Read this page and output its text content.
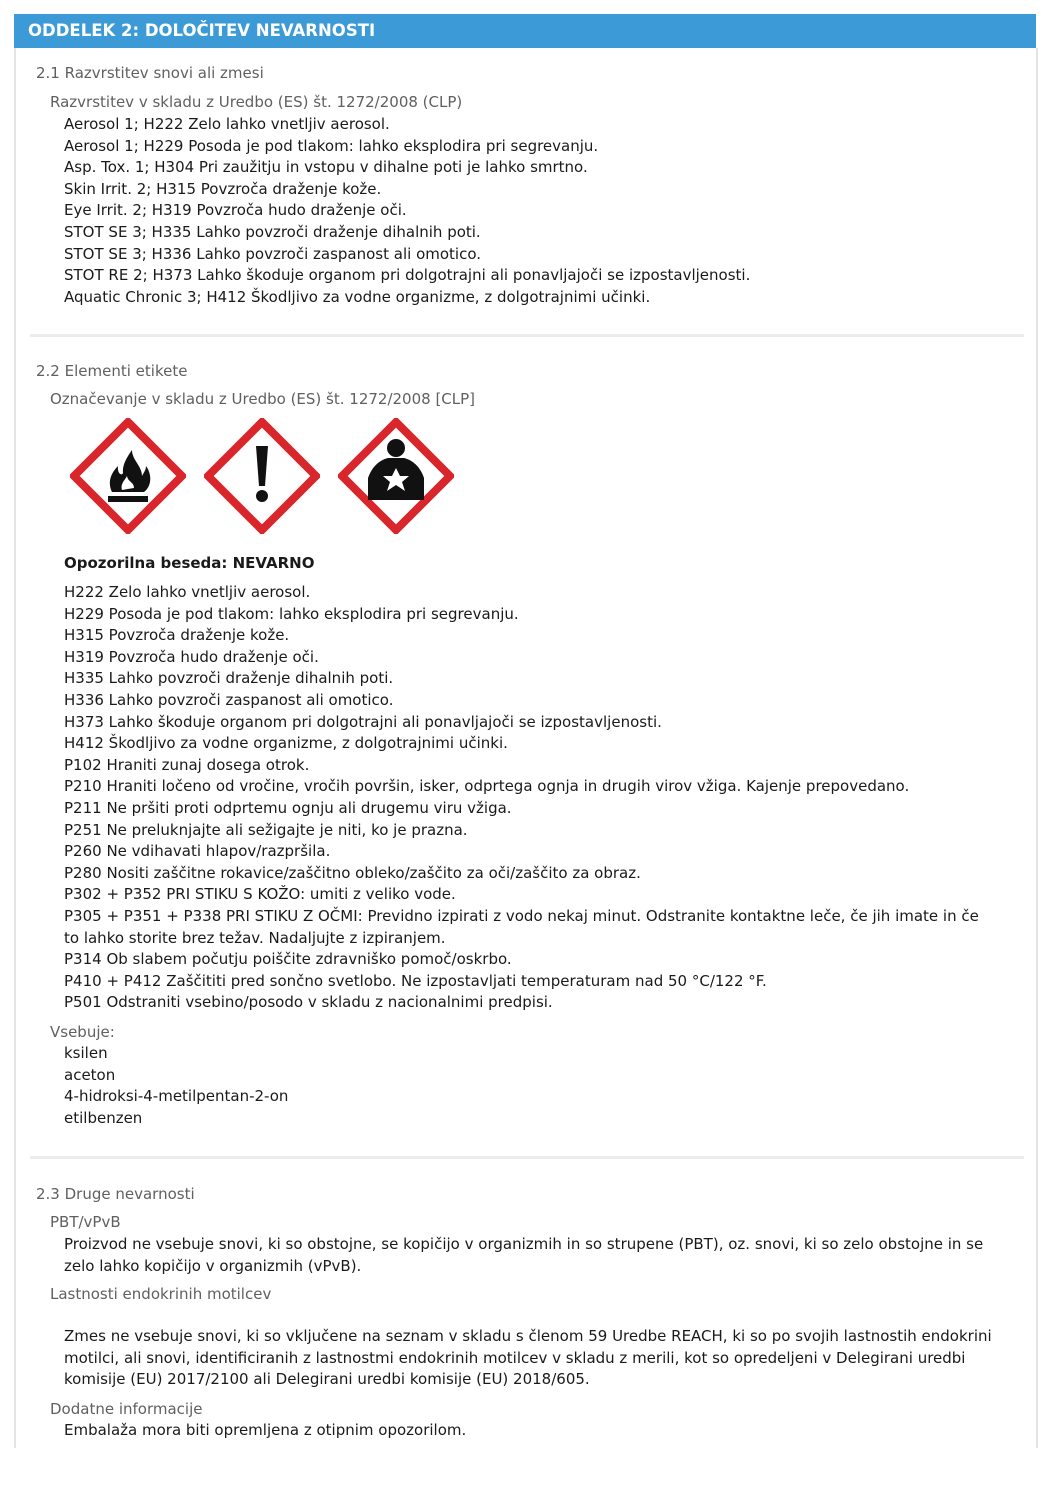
ODDELEK 2: DOLOČITEV NEVARNOSTI
2.1 Razvrstitev snovi ali zmesi
Razvrstitev v skladu z Uredbo (ES) št. 1272/2008 (CLP)
Aerosol 1; H222 Zelo lahko vnetljiv aerosol.
Aerosol 1; H229 Posoda je pod tlakom: lahko eksplodira pri segrevanju.
Asp. Tox. 1; H304 Pri zaužitju in vstopu v dihalne poti je lahko smrtno.
Skin Irrit. 2; H315 Povzroča draženje kože.
Eye Irrit. 2; H319 Povzroča hudo draženje oči.
STOT SE 3; H335 Lahko povzroči draženje dihalnih poti.
STOT SE 3; H336 Lahko povzroči zaspanost ali omotico.
STOT RE 2; H373 Lahko škoduje organom pri dolgotrajni ali ponavljajoči se izpostavljenosti.
Aquatic Chronic 3; H412 Škodljivo za vodne organizme, z dolgotrajnimi učinki.
2.2 Elementi etikete
Označevanje v skladu z Uredbo (ES) št. 1272/2008 [CLP]
Opozorilna beseda: NEVARNO
H222 Zelo lahko vnetljiv aerosol.
H229 Posoda je pod tlakom: lahko eksplodira pri segrevanju.
H315 Povzroča draženje kože.
H319 Povzroča hudo draženje oči.
H335 Lahko povzroči draženje dihalnih poti.
H336 Lahko povzroči zaspanost ali omotico.
H373 Lahko škoduje organom pri dolgotrajni ali ponavljajoči se izpostavljenosti.
H412 Škodljivo za vodne organizme, z dolgotrajnimi učinki.
P102 Hraniti zunaj dosega otrok.
P210 Hraniti ločeno od vročine, vročih površin, isker, odprtega ognja in drugih virov vžiga. Kajenje prepovedano.
P211 Ne pršiti proti odprtemu ognju ali drugemu viru vžiga.
P251 Ne preluknjajte ali sežigajte je niti, ko je prazna.
P260 Ne vdihavati hlapov/razpršila.
P280 Nositi zaščitne rokavice/zaščitno obleko/zaščito za oči/zaščito za obraz.
P302 + P352 PRI STIKU S KOŽO: umiti z veliko vode.
P305 + P351 + P338 PRI STIKU Z OČMI: Previdno izpirati z vodo nekaj minut. Odstranite kontaktne leče, če jih imate in če
to lahko storite brez težav. Nadaljujte z izpiranjem.
P314 Ob slabem počutju poiščite zdravniško pomoč/oskrbo.
P410 + P412 Zaščititi pred sončno svetlobo. Ne izpostavljati temperaturam nad 50 °C/122 °F.
P501 Odstraniti vsebino/posodo v skladu z nacionalnimi predpisi.
Vsebuje:
ksilen
aceton
4-hidroksi-4-metilpentan-2-on
etilbenzen
2.3 Druge nevarnosti
PBT/vPvB
Proizvod ne vsebuje snovi, ki so obstojne, se kopičijo v organizmih in so strupene (PBT), oz. snovi, ki so zelo obstojne in se
zelo lahko kopičijo v organizmih (vPvB).
Lastnosti endokrinih motilcev
Zmes ne vsebuje snovi, ki so vključene na seznam v skladu s členom 59 Uredbe REACH, ki so po svojih lastnostih endokrini
motilci, ali snovi, identificiranih z lastnostmi endokrinih motilcev v skladu z merili, kot so opredeljeni v Delegirani uredbi
komisije (EU) 2017/2100 ali Delegirani uredbi komisije (EU) 2018/605.
Dodatne informacije
Embalaža mora biti opremljena z otipnim opozorilom.
